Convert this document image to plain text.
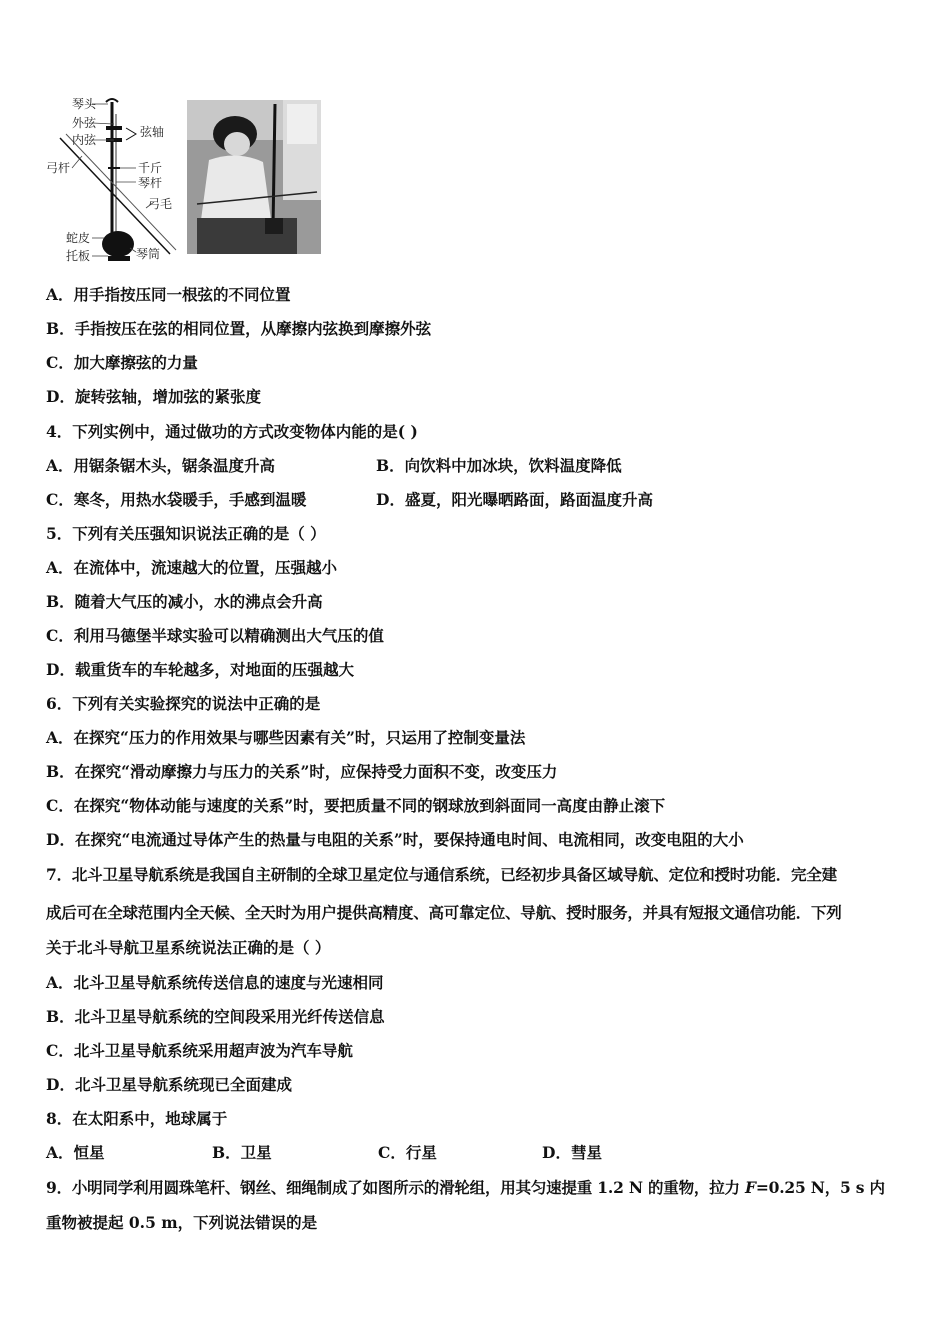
琴头
外弦
内弦
弦轴
弓杆	千斤
琴杆
弓毛
蛇皮
托板	琴筒
A．用手指按压同一根弦的不同位置
B．手指按压在弦的相同位置，从摩擦内弦换到摩擦外弦
C．加大摩擦弦的力量
D．旋转弦轴，增加弦的紧张度
4．下列实例中，通过做功的方式改变物体内能的是( )
A．用锯条锯木头，锯条温度升高	B．向饮料中加冰块，饮料温度降低
C．寒冬，用热水袋暖手，手感到温暖	D．盛夏，阳光曝晒路面，路面温度升高
5．下列有关压强知识说法正确的是（ ）
A．在流体中，流速越大的位置，压强越小
B．随着大气压的减小，水的沸点会升高
C．利用马德堡半球实验可以精确测出大气压的值
D．载重货车的车轮越多，对地面的压强越大
6．下列有关实验探究的说法中正确的是
A．在探究“压力的作用效果与哪些因素有关”时，只运用了控制变量法
B．在探究“滑动摩擦力与压力的关系”时，应保持受力面积不变，改变压力
C．在探究“物体动能与速度的关系”时，要把质量不同的钢球放到斜面同一高度由静止滚下
D．在探究“电流通过导体产生的热量与电阻的关系”时，要保持通电时间、电流相同，改变电阻的大小
7．北斗卫星导航系统是我国自主研制的全球卫星定位与通信系统，已经初步具备区域导航、定位和授时功能．完全建
成后可在全球范围内全天候、全天时为用户提供高精度、高可靠定位、导航、授时服务，并具有短报文通信功能．下列
关于北斗导航卫星系统说法正确的是（ ）
A．北斗卫星导航系统传送信息的速度与光速相同
B．北斗卫星导航系统的空间段采用光纤传送信息
C．北斗卫星导航系统采用超声波为汽车导航
D．北斗卫星导航系统现已全面建成
8．在太阳系中，地球属于
A．恒星	B．卫星	C．行星	D．彗星
9．小明同学利用圆珠笔杆、钢丝、细绳制成了如图所示的滑轮组，用其匀速提重 1.2 N 的重物，拉力 F=0.25 N，5 s 内
重物被提起 0.5 m，下列说法错误的是
